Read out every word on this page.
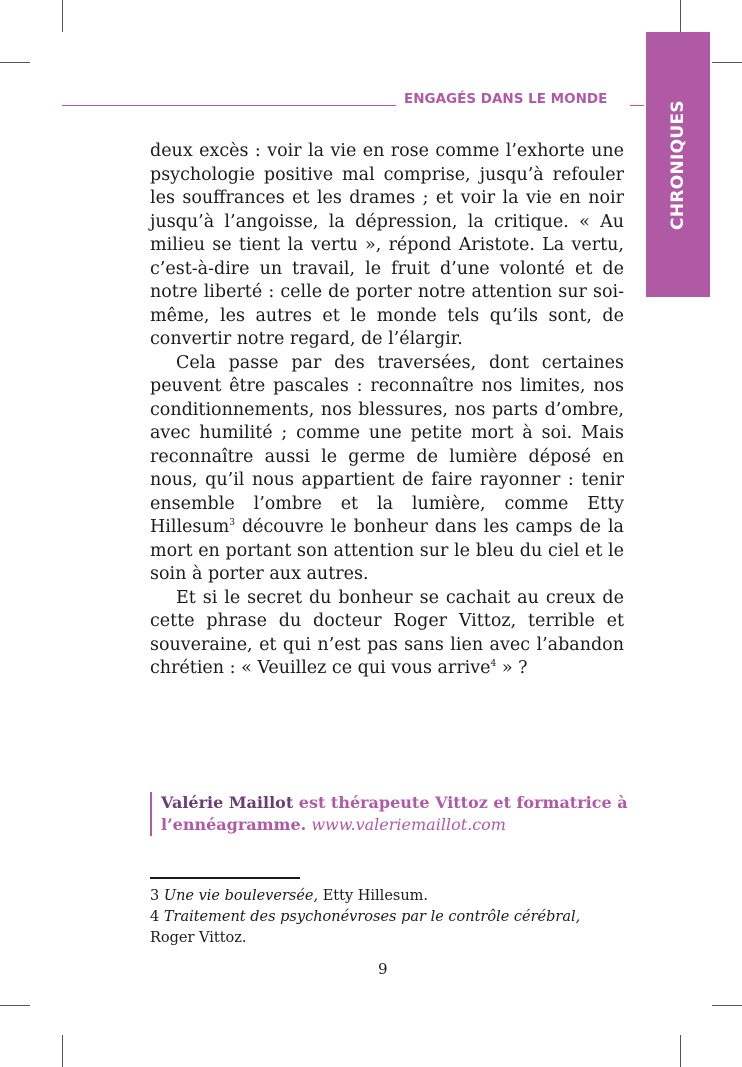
CHRONIQUES
ENGAGÉS DANS LE MONDE

deux excès : voir la vie en rose comme l’exhorte une psychologie positive mal comprise, jusqu’à refouler les souffrances et les drames ; et voir la vie en noir jusqu’à l’angoisse, la dépression, la critique. « Au milieu se tient la vertu », répond Aristote. La vertu, c’est-à-dire un travail, le fruit d’une volonté et de notre liberté : celle de porter notre attention sur soi-même, les autres et le monde tels qu’ils sont, de convertir notre regard, de l’élargir.

Cela passe par des traversées, dont certaines peuvent être pascales : reconnaître nos limites, nos conditionnements, nos blessures, nos parts d’ombre, avec humilité ; comme une petite mort à soi. Mais reconnaître aussi le germe de lumière déposé en nous, qu’il nous appartient de faire rayonner : tenir ensemble l’ombre et la lumière, comme Etty Hillesum$^3$ découvre le bonheur dans les camps de la mort en portant son attention sur le bleu du ciel et le soin à porter aux autres.

Et si le secret du bonheur se cachait au creux de cette phrase du docteur Roger Vittoz, terrible et souveraine, et qui n’est pas sans lien avec l’abandon chrétien : « Veuillez ce qui vous arrive$^4$ » ?

Valérie Maillot est thérapeute Vittoz et formatrice à l’ennéagramme. www.valeriemaillot.com

3 Une vie bouleversée, Etty Hillesum.

4 Traitement des psychonévroses par le contrôle cérébral, Roger Vittoz.

9
